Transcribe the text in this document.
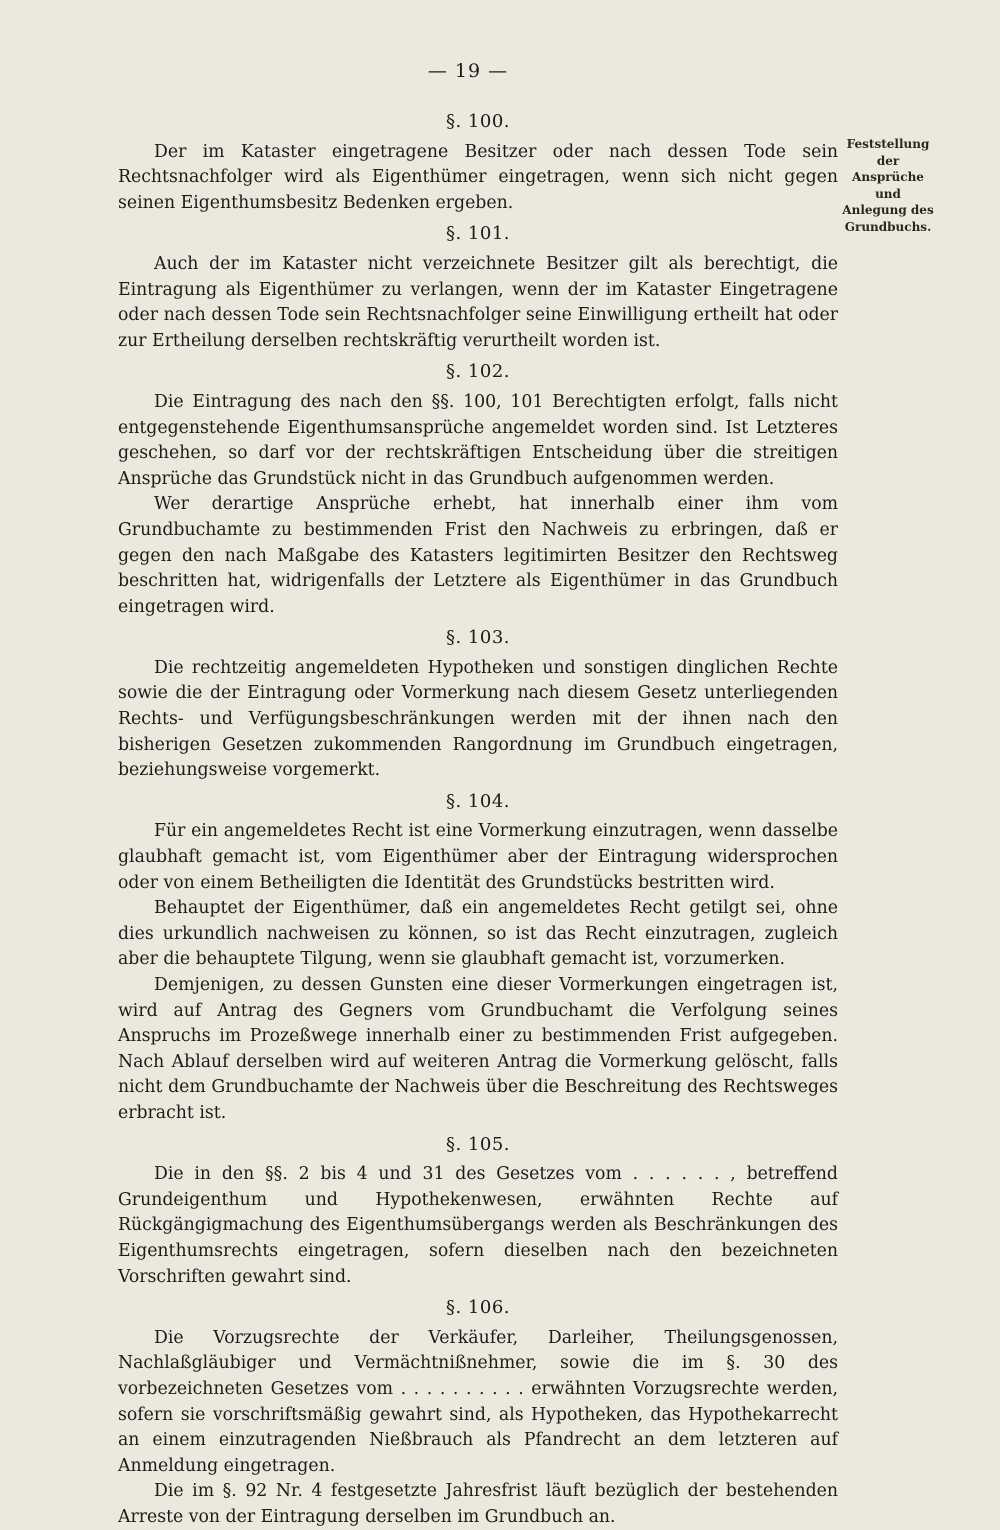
— 19 —
Feststellung
der Ansprüche
und
Anlegung des
Grundbuchs.
§. 100.

Der im Kataster eingetragene Besitzer oder nach dessen Tode sein Rechtsnachfolger wird als Eigenthümer eingetragen, wenn sich nicht gegen seinen Eigenthumsbesitz Bedenken ergeben.

§. 101.

Auch der im Kataster nicht verzeichnete Besitzer gilt als berechtigt, die Eintragung als Eigenthümer zu verlangen, wenn der im Kataster Eingetragene oder nach dessen Tode sein Rechtsnachfolger seine Einwilligung ertheilt hat oder zur Ertheilung derselben rechtskräftig verurtheilt worden ist.

§. 102.

Die Eintragung des nach den §§. 100, 101 Berechtigten erfolgt, falls nicht entgegenstehende Eigenthumsansprüche angemeldet worden sind. Ist Letzteres geschehen, so darf vor der rechtskräftigen Entscheidung über die streitigen Ansprüche das Grundstück nicht in das Grundbuch aufgenommen werden.

Wer derartige Ansprüche erhebt, hat innerhalb einer ihm vom Grundbuchamte zu bestimmenden Frist den Nachweis zu erbringen, daß er gegen den nach Maßgabe des Katasters legitimirten Besitzer den Rechtsweg beschritten hat, widrigenfalls der Letztere als Eigenthümer in das Grundbuch eingetragen wird.

§. 103.

Die rechtzeitig angemeldeten Hypotheken und sonstigen dinglichen Rechte sowie die der Eintragung oder Vormerkung nach diesem Gesetz unterliegenden Rechts- und Verfügungsbeschränkungen werden mit der ihnen nach den bisherigen Gesetzen zukommenden Rangordnung im Grundbuch eingetragen, beziehungsweise vorgemerkt.

§. 104.

Für ein angemeldetes Recht ist eine Vormerkung einzutragen, wenn dasselbe glaubhaft gemacht ist, vom Eigenthümer aber der Eintragung widersprochen oder von einem Betheiligten die Identität des Grundstücks bestritten wird.

Behauptet der Eigenthümer, daß ein angemeldetes Recht getilgt sei, ohne dies urkundlich nachweisen zu können, so ist das Recht einzutragen, zugleich aber die behauptete Tilgung, wenn sie glaubhaft gemacht ist, vorzumerken.

Demjenigen, zu dessen Gunsten eine dieser Vormerkungen eingetragen ist, wird auf Antrag des Gegners vom Grundbuchamt die Verfolgung seines Anspruchs im Prozeßwege innerhalb einer zu bestimmenden Frist aufgegeben. Nach Ablauf derselben wird auf weiteren Antrag die Vormerkung gelöscht, falls nicht dem Grundbuchamte der Nachweis über die Beschreitung des Rechtsweges erbracht ist.

§. 105.

Die in den §§. 2 bis 4 und 31 des Gesetzes vom . . . . . . , betreffend Grundeigenthum und Hypothekenwesen, erwähnten Rechte auf Rückgängigmachung des Eigenthumsübergangs werden als Beschränkungen des Eigenthumsrechts eingetragen, sofern dieselben nach den bezeichneten Vorschriften gewahrt sind.

§. 106.

Die Vorzugsrechte der Verkäufer, Darleiher, Theilungsgenossen, Nachlaßgläubiger und Vermächtnißnehmer, sowie die im §. 30 des vorbezeichneten Gesetzes vom . . . . . . . . . . erwähnten Vorzugsrechte werden, sofern sie vorschriftsmäßig gewahrt sind, als Hypotheken, das Hypothekarrecht an einem einzutragenden Nießbrauch als Pfandrecht an dem letzteren auf Anmeldung eingetragen.

Die im §. 92 Nr. 4 festgesetzte Jahresfrist läuft bezüglich der bestehenden Arreste von der Eintragung derselben im Grundbuch an.
